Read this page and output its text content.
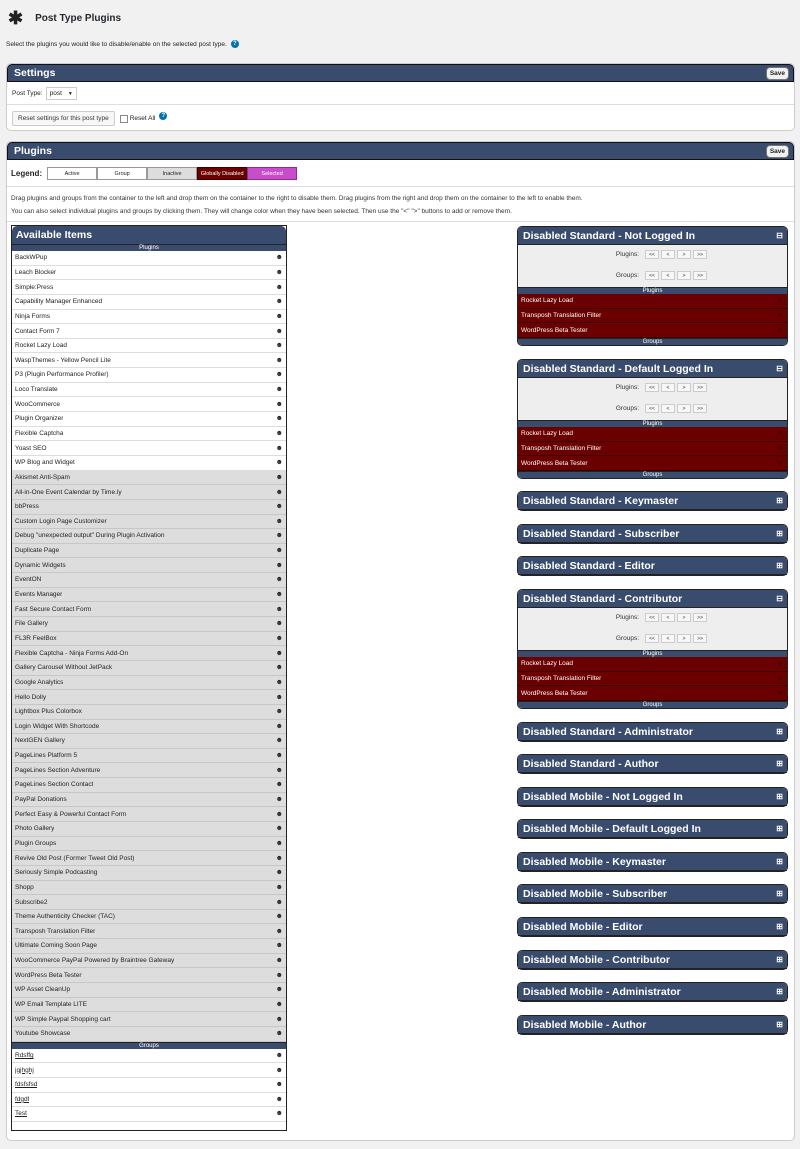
✱ Post Type Plugins
Select the plugins you would like to disable/enable on the selected post type.	?
Settings	Save
Post Type: post ▼
Reset settings for this post type	Reset All	?
Plugins	Save
Legend:	Active	Group	Inactive	Globally Disabled	Selected
Drag plugins and groups from the container to the left and drop them on the container to the right to disable them. Drag plugins from the right and drop them on the container to the left to enable them.
You can also select individual plugins and groups by clicking them. They will change color when they have been selected. Then use the "<" ">" buttons to add or remove them.
Available Items
Plugins
BackWPup	☻
Leach Blocker	☻
Simple:Press	☻
Capability Manager Enhanced	☻
Ninja Forms	☻
Contact Form 7	☻
Rocket Lazy Load	☻
WaspThemes - Yellow Pencil Lite	☻
P3 (Plugin Performance Profiler)	☻
Loco Translate	☻
WooCommerce	☻
Plugin Organizer	☻
Flexible Captcha	☻
Yoast SEO	☻
WP Blog and Widget	☻
Akismet Anti-Spam	☻
All-in-One Event Calendar by Time.ly	☻
bbPress	☻
Custom Login Page Customizer	☻
Debug "unexpected output" During Plugin Activation	☻
Duplicate Page	☻
Dynamic Widgets	☻
EventON	☻
Events Manager	☻
Fast Secure Contact Form	☻
File Gallery	☻
FL3R FeelBox	☻
Flexible Captcha - Ninja Forms Add-On	☻
Gallery Carousel Without JetPack	☻
Google Analytics	☻
Hello Dolly	☻
Lightbox Plus Colorbox	☻
Login Widget With Shortcode	☻
NextGEN Gallery	☻
PageLines Platform 5	☻
PageLines Section Adventure	☻
PageLines Section Contact	☻
PayPal Donations	☻
Perfect Easy & Powerful Contact Form	☻
Photo Gallery	☻
Plugin Groups	☻
Revive Old Post (Former Tweet Old Post)	☻
Seriously Simple Podcasting	☻
Shopp	☻
Subscribe2	☻
Theme Authenticity Checker (TAC)	☻
Transposh Translation Filter	☻
Ultimate Coming Soon Page	☻
WooCommerce PayPal Powered by Braintree Gateway	☻
WordPress Beta Tester	☻
WP Asset CleanUp	☻
WP Email Template LITE	☻
WP Simple Paypal Shopping cart	☻
Youtube Showcase	☻
Groups
Rdsffg	☻
jgjhghj	☻
fdsfsfsd	☻
fdgdf	☻
Test	☻
Disabled Standard - Not Logged In	⊟
Plugins:	<<	<	>	>>
Groups:	<<	<	>	>>
Plugins
Rocket Lazy Load	☻
Transposh Translation Filter	☻
WordPress Beta Tester	☻
Groups
Disabled Standard - Default Logged In	⊟
Plugins:	<<	<	>	>>
Groups:	<<	<	>	>>
Plugins
Rocket Lazy Load	☻
Transposh Translation Filter	☻
WordPress Beta Tester	☻
Groups
Disabled Standard - Keymaster	⊞
Disabled Standard - Subscriber	⊞
Disabled Standard - Editor	⊞
Disabled Standard - Contributor	⊟
Plugins:	<<	<	>	>>
Groups:	<<	<	>	>>
Plugins
Rocket Lazy Load	☻
Transposh Translation Filter	☻
WordPress Beta Tester	☻
Groups
Disabled Standard - Administrator	⊞
Disabled Standard - Author	⊞
Disabled Mobile - Not Logged In	⊞
Disabled Mobile - Default Logged In	⊞
Disabled Mobile - Keymaster	⊞
Disabled Mobile - Subscriber	⊞
Disabled Mobile - Editor	⊞
Disabled Mobile - Contributor	⊞
Disabled Mobile - Administrator	⊞
Disabled Mobile - Author	⊞
